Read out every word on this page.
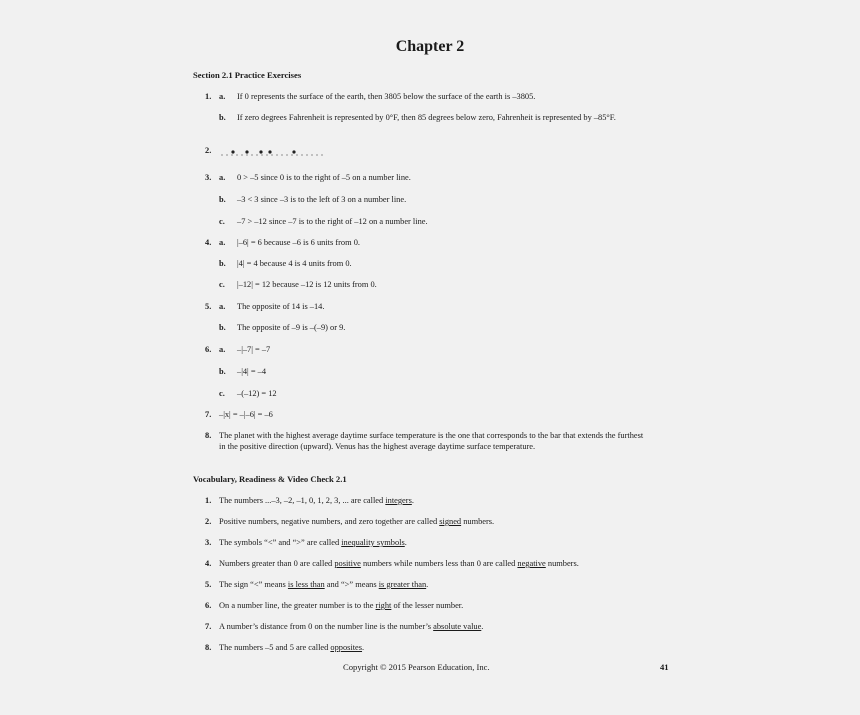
Chapter 2
Section 2.1 Practice Exercises
1. a. If 0 represents the surface of the earth, then 3805 below the surface of the earth is –3805.
b. If zero degrees Fahrenheit is represented by 0°F, then 85 degrees below zero, Fahrenheit is represented by –85°F.
2.
3. a. 0 > –5 since 0 is to the right of –5 on a number line.
b. –3 < 3 since –3 is to the left of 3 on a number line.
c. –7 > –12 since –7 is to the right of –12 on a number line.
4. a. |–6| = 6 because –6 is 6 units from 0.
b. |4| = 4 because 4 is 4 units from 0.
c. |–12| = 12 because –12 is 12 units from 0.
5. a. The opposite of 14 is –14.
b. The opposite of –9 is –(–9) or 9.
6. a. –|–7| = –7
b. –|4| = –4
c. –(–12) = 12
7. –|x| = –|–6| = –6
8. The planet with the highest average daytime surface temperature is the one that corresponds to the bar that extends the furthest in the positive direction (upward). Venus has the highest average daytime surface temperature.
Vocabulary, Readiness & Video Check 2.1
1. The numbers ...–3, –2, –1, 0, 1, 2, 3, ... are called integers.
2. Positive numbers, negative numbers, and zero together are called signed numbers.
3. The symbols “<” and “>” are called inequality symbols.
4. Numbers greater than 0 are called positive numbers while numbers less than 0 are called negative numbers.
5. The sign “<” means is less than and “>” means is greater than.
6. On a number line, the greater number is to the right of the lesser number.
7. A number’s distance from 0 on the number line is the number’s absolute value.
8. The numbers –5 and 5 are called opposites.
Copyright © 2015 Pearson Education, Inc.	41
